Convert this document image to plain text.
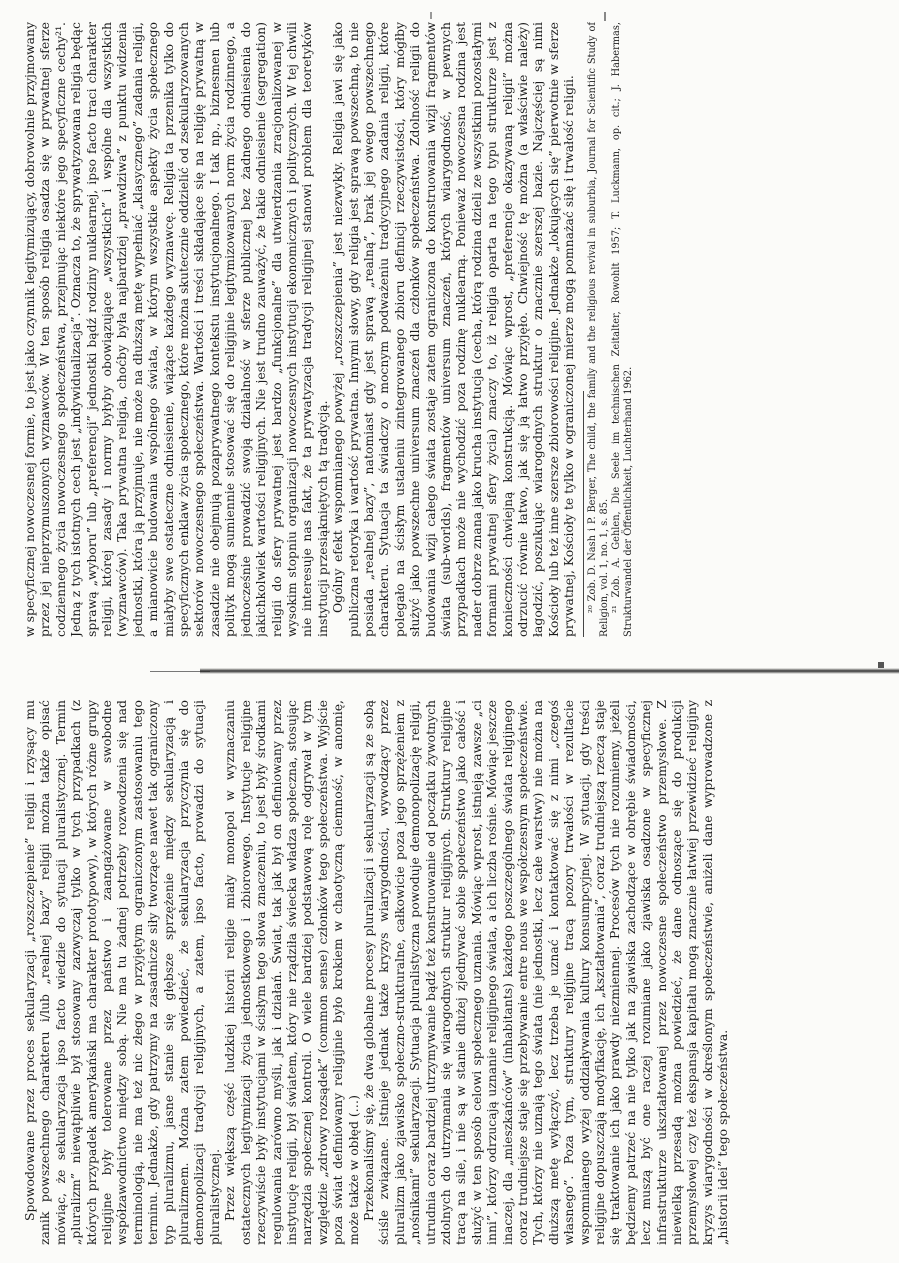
w specyficznej nowoczesnej formie, to jest jako czynnik legitymizujący, dobrowolnie przyjmowany przez jej nieprzymuszonych wyznawców. W ten sposób religia osadza się w prywatnej sferze codziennego życia nowoczesnego społeczeństwa, przejmując niektóre jego specyficzne cechy²¹. Jedną z tych istotnych cech jest „indywidualizacja”. Oznacza to, że sprywatyzowana religia będąc sprawą „wyboru” lub „preferencji” jednostki bądź rodziny nuklearnej, ipso facto traci charakter religii, której zasady i normy byłyby obowiązujące „wszystkich” i wspólne dla wszystkich (wyznawców). Taka prywatna religia, choćby była najbardziej „prawdziwa” z punktu widzenia jednostki, która ją przyjmuje, nie może na dłuższą metę wypełniać „klasycznego” zadania religii, a mianowicie budowania wspólnego świata, w którym wszystkie aspekty życia społecznego miałyby swe ostateczne odniesienie, wiążące każdego wyznawcę. Religia ta przenika tylko do specyficznych enklaw życia społecznego, które można skutecznie oddzielić od zsekularyzowanych sektorów nowoczesnego społeczeństwa. Wartości i treści składające się na religię prywatną w zasadzie nie obejmują pozaprywatnego kontekstu instytucjonalnego. I tak np., biznesmen lub polityk mogą sumiennie stosować się do religijnie legitymizowanych norm życia rodzinnego, a jednocześnie prowadzić swoją działalność w sferze publicznej bez żadnego odniesienia do jakichkolwiek wartości religijnych. Nie jest trudno zauważyć, że takie odniesienie (segregation) religii do sfery prywatnej jest bardzo „funkcjonalne” dla utwierdzania zracjonalizowanej w wysokim stopniu organizacji nowoczesnych instytucji ekonomicznych i politycznych. W tej chwili nie interesuje nas fakt, że ta prywatyzacja tradycji religijnej stanowi problem dla teoretyków instytucji przesiąkniętych tą tradycją. Ogólny efekt wspomnianego powyżej „rozszczepienia” jest niezwykły. Religia jawi się jako publiczna retoryka i wartość prywatna. Innymi słowy, gdy religia jest sprawą powszechną, to nie posiada „realnej bazy”, natomiast gdy jest sprawą „realną”, brak jej owego powszechnego charakteru. Sytuacja ta świadczy o mocnym podważeniu tradycyjnego zadania religii, które polegało na ścisłym ustaleniu zintegrowanego zbioru definicji rzeczywistości, który mógłby służyć jako powszechne universum znaczeń dla członków społeczeństwa. Zdolność religii do budowania wizji całego świata zostaje zatem ograniczona do konstruowania wizji fragmentów świata (sub-worlds), fragmentów universum znaczeń, których wiarygodność, w pewnych przypadkach może nie wychodzić poza rodzinę nuklearną. Ponieważ nowoczesna rodzina jest nader dobrze znana jako krucha instytucja (cecha, którą rodzina dzieli ze wszystkimi pozostałymi formami prywatnej sfery życia) znaczy to, iż religia oparta na tego typu strukturze jest z konieczności chwiejną konstrukcją. Mówiąc wprost, „preferencje okazywaną religii” można odrzucić równie łatwo, jak się ją łatwo przyjęło. Chwiejność tę można (a właściwie należy) łagodzić, poszukując wiarogodnych struktur o znacznie szerszej bazie. Najczęściej są nimi Kościoły lub też inne szersze zbiorowości religijne. Jednakże „lokujących się” pierwotnie w sferze prywatnej, Kościoły te tylko w ograniczonej mierze mogą pomnażać siłę i trwałość religii. ²⁰ Zob. D. Nash i P. Berger, The child, the family and the religious revival in suburbia, Journal for Scientific Study of Religion, vol. 1, no. 1, s. 85. ²¹ Zob. A. Gehlen, Die Seele im technischen Zeitalter, Rowohlt 1957; T. Luckmann, op. cit.; J. Habermas, Strukturwandel der Öffentlichkeit, Luchterhand 1962.

Spowodowane przez proces sekularyzacji „rozszczepienie” religii i rzysący mu zanik powszechnego charakteru i/lub „realnej bazy” religii można także opisać mówiąc, że sekularyzacja ipso facto wiedzie do sytuacji pluralistycznej. Termin „pluralizm” niewątpliwie był stosowany zazwyczaj tylko w tych przypadkach (z których przypadek amerykański ma charakter prototypowy), w których różne grupy religijne były tolerowane przez państwo i zaangażowane w swobodne współzawodnictwo między sobą. Nie ma tu żadnej potrzeby rozwodzenia się nad terminologią, nie ma też nic złego w przyjętym ograniczonym zastosowaniu tego terminu. Jednakże, gdy patrzymy na zasadnicze siły tworzące nawet tak ograniczony typ pluralizmu, jasne stanie się głębsze sprzężenie między sekularyzacją i pluralizmem. Można zatem powiedzieć, że sekularyzacja przyczynia się do demonopolizacji tradycji religijnych, a zatem, ipso facto, prowadzi do sytuacji pluralistycznej. Przez większą część ludzkiej historii religie miały monopol w wyznaczaniu ostatecznych legitymizacji życia jednostkowego i zbiorowego. Instytucje religijne rzeczywiście były instytucjami w ścisłym tego słowa znaczeniu, to jest były środkami regulowania zarówno myśli, jak i działań. Świat, tak jak był on definiowany przez instytucję religii, był światem, który nie rządziła świecka władza społeczna, stosując narzędzia społecznej kontroli. O wiele bardziej podstawową rolę odgrywał w tym względzie „zdrowy rozsądek” (common sense) członków tego społeczeństwa. Wyjście poza świat definiowany religijnie było krokiem w chaotyczną ciemność, w anomię, może także w obłęd (…) Przekonaliśmy się, że dwa globalne procesy pluralizacji i sekularyzacji są ze sobą ściśle związane. Istnieje jednak także kryzys wiarygodności, wywodzący przez pluralizm jako zjawisko społeczno-strukturalne, całkowicie poza jego sprzężeniem z „nośnikami” sekularyzacji. Sytuacja pluralistyczna powoduje demonopolizację religii, utrudnia coraz bardziej utrzymywanie bądź też konstruowanie od początku żywotnych zdolnych do utrzymania się wiarogodnych struktur religijnych. Struktury religijne tracą na sile, i nie są w stanie dłużej zjednywać sobie społeczeństwo jako całość i służyć w ten sposób celowi społecznego uznania. Mówiąc wprost, istnieją zawsze „ci inni”, którzy odrzucają uznanie religijnego świata, a ich liczba rośnie. Mówiąc jeszcze inaczej, dla „mieszkańców” (inhabitants) każdego poszczególnego świata religijnego coraz trudniejsze staje się przebywanie entre nous we współczesnym społeczeństwie. Tych, którzy nie uznają tego świata (nie jednostki, lecz całe warstwy) nie można na dłuższą metę wyłączyć, lecz trzeba je uznać i kontaktować się z nimi „czegoś własnego”. Poza tym, struktury religijne tracą pozory trwałości w rezultacie wspomnianego wyżej oddziaływania kultury konsumpcyjnej. W sytuacji, gdy treści religijne dopuszczają modyfikację, ich „kształtowania”, coraz trudniejszą rzeczą staje się traktowanie ich jako prawdy niezmiennej. Procesów tych nie rozumiemy, jeżeli będziemy patrzeć na nie tylko jak na zjawiska zachodzące w obrębie świadomości, lecz muszą być one raczej rozumiane jako zjawiska osadzone w specyficznej infrastrukturze ukształtowanej przez nowoczesne społeczeństwo przemysłowe. Z niewielką przesadą można powiedzieć, że dane odnoszące się do produkcji przemysłowej czy też ekspansja kapitału mogą znacznie łatwiej przewidzieć religijny kryzys wiarygodności w określonym społeczeństwie, aniżeli dane wyprowadzone z „historii idei” tego społeczeństwa.
